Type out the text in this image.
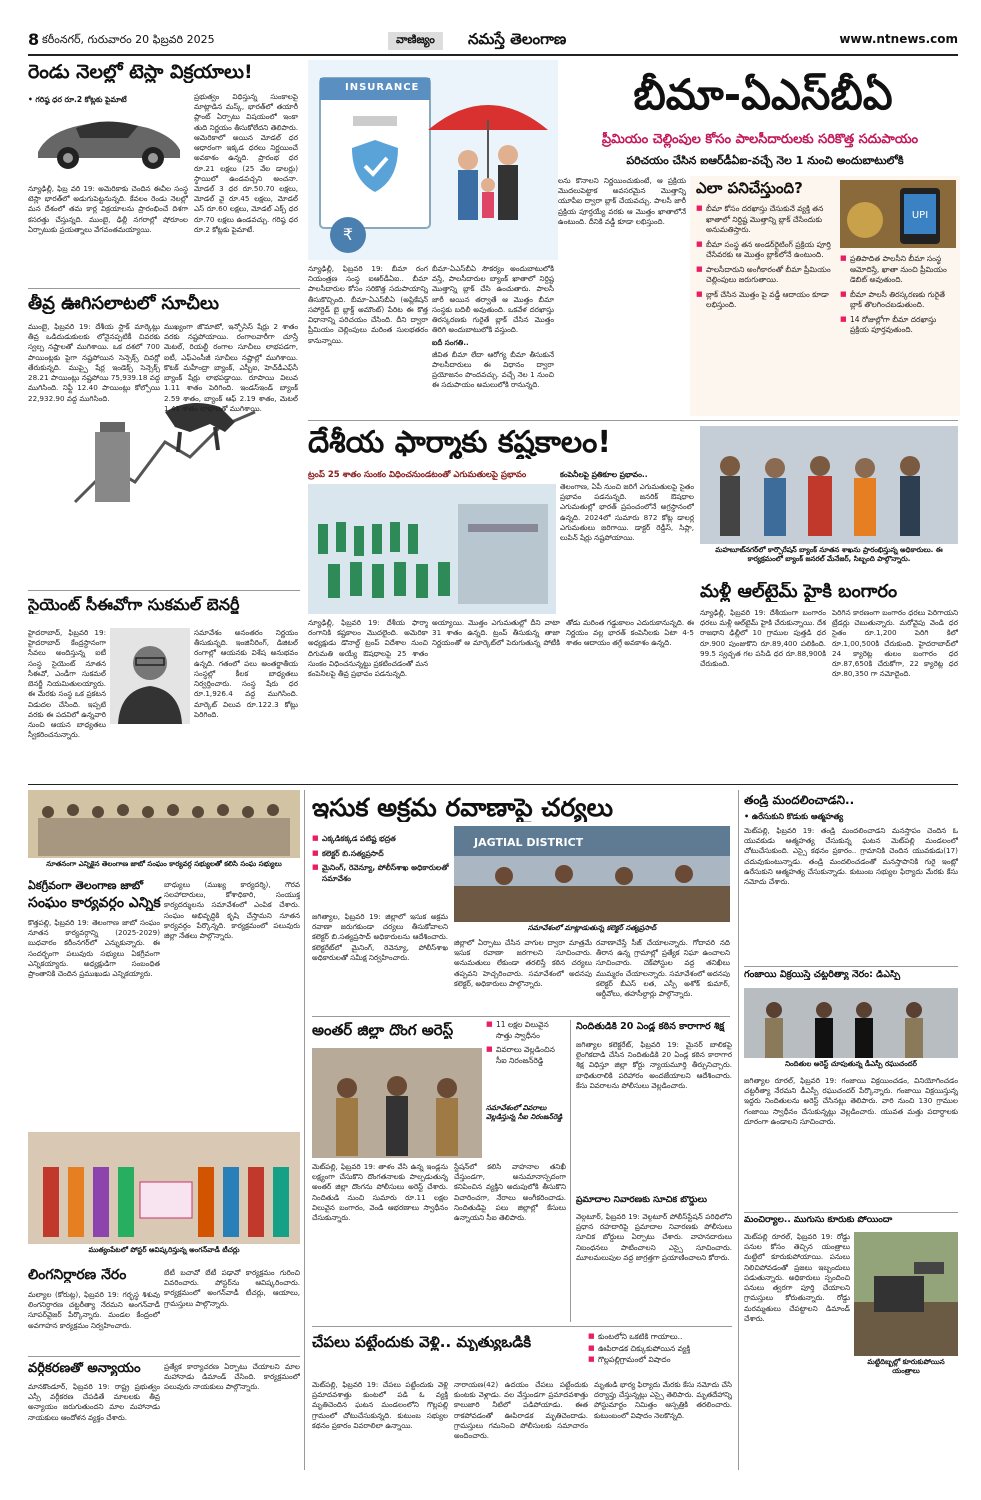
8 కరీంనగర్, గురువారం 20 ఫిబ్రవరి 2025	వాణిజ్యం	నమస్తే తెలంగాణ	www.ntnews.com
రెండు నెలల్లో టెస్లా విక్రయాలు!
• గరిష్ఠ ధర రూ.2 కోట్లకు పైమాటే
న్యూఢిల్లీ, ఫిబ్ర వరి 19: అమెరికాకు చెందిన ఈవీల సంస్థ టెస్లా భారత్‌లో అడుగుపెట్టనున్నది. కేవలం రెండు నెలల్లో మన దేశంలో తమ కార్ల విక్రయాలను ప్రారంభించే దిశగా కసరత్తు చేస్తున్నది. ముంబై, ఢిల్లీ నగరాల్లో షోరూంల ఏర్పాటుకు ప్రయత్నాలు వేగవంతమయ్యాయి.
ప్రభుత్వం విధిస్తున్న సుంకాలపై మాట్లాడిన మస్క్, భారత్‌లో తయారీ ప్లాంట్ ఏర్పాటు విషయంలో ఇంకా తుది నిర్ణయం తీసుకోలేదని తెలిపారు. ఆమెరికాలో అయిన మోడల్ ధర ఆధారంగా ఇక్కడ ధరలు నిర్ణయించే అవకాశం ఉన్నది. ప్రారంభ ధర రూ.21 లక్షలు (25 వేల డాలర్లు) స్థాయిలో ఉండవచ్చని అంచనా. మోడల్ 3 ధర రూ.50.70 లక్షలు, మోడల్ వై రూ.45 లక్షలు, మోడల్ ఎస్ రూ.60 లక్షలు, మోడల్ ఎక్స్ ధర రూ.70 లక్షలు ఉండవచ్చు. గరిష్ఠ ధర రూ.2 కోట్లకు పైమాటే.
తీవ్ర ఊగిసలాటలో సూచీలు
ముంబై, ఫిబ్రవరి 19: దేశీయ స్టాక్ మార్కెట్లు తీవ్ర ఒడిదుడుకులకు లోనైనప్పటికీ చివరకు స్వల్ప నష్టాలతో ముగిశాయి. ఒక దశలో 700 పాయింట్లకు పైగా నష్టపోయిన సెన్సెక్స్ చివర్లో తేరుకున్నది. ముప్పై షేర్ల ఇండెక్స్ సెన్సెక్స్ 28.21 పాయింట్లు నష్టపోయి 75,939.18 వద్ద ముగిసింది. నిఫ్టీ 12.40 పాయింట్లు కోల్పోయి 22,932.90 వద్ద ముగిసింది.
ముఖ్యంగా జొమాటో, ఇన్ఫోసిస్ షేర్లు 2 శాతం వరకు నష్టపోయాయి. రంగాలవారీగా చూస్తే మెటల్, రియల్టీ రంగాల సూచీలు లాభపడగా, ఐటీ, ఎఫ్‌ఎంసీజీ సూచీలు నష్టాల్లో ముగిశాయి. కొటక్ మహీంద్రా బ్యాంక్, ఎస్బీఐ, హెచ్‌డీఎఫ్‌సీ బ్యాంక్ షేర్లు లాభపడ్డాయి. రూపాయి విలువ 1.11 శాతం పెరిగింది. ఇండస్ఇండ్ బ్యాంక్ 2.59 శాతం, బ్యాంక్ ఆఫ్ 2.19 శాతం, మెటల్ 1.41 శాతం లాభాలతో ముగిశాయి.
సైయెంట్ సీఈవోగా సుకమల్ బెనర్జీ
హైదరాబాద్, ఫిబ్రవరి 19: హైదరాబాద్ కేంద్రస్థానంగా సేవలు అందిస్తున్న ఐటీ సంస్థ సైయెంట్ నూతన సీఈవో, ఎండీగా సుకమల్ బెనర్జీ నియమితులయ్యారు. ఈ మేరకు సంస్థ ఒక ప్రకటన విడుదల చేసింది. ఇప్పటి వరకు ఈ పదవిలో ఉన్నవారి నుంచి ఆయన బాధ్యతలు స్వీకరించనున్నారు.
సమావేశం అనంతరం నిర్ణయం తీసుకున్నది. ఇంజినీరింగ్, డిజిటల్ రంగాల్లో ఆయనకు విశేష అనుభవం ఉన్నది. గతంలో పలు అంతర్జాతీయ సంస్థల్లో కీలక బాధ్యతలు నిర్వర్తించారు. సంస్థ షేరు ధర రూ.1,926.4 వద్ద ముగిసింది. మార్కెట్ విలువ రూ.122.3 కోట్లు పెరిగింది.
₹
INSURANCE	బీమా-ఏఎస్‌బీఏ
ప్రీమియం చెల్లింపుల కోసం పాలసీదారులకు సరికొత్త సదుపాయం
పరిచయం చేసిన ఐఆర్‌డీఏఐ-వచ్చే నెల 1 నుంచి అందుబాటులోకి
న్యూఢిల్లీ, ఫిబ్రవరి 19: బీమా రంగ నియంత్రణ సంస్థ ఐఆర్‌డీఏఐ.. బీమా పాలసీదారుల కోసం సరికొత్త సదుపాయాన్ని తీసుకొచ్చింది. బీమా-ఏఎస్‌బీఏ (అప్లికేషన్ సపోర్టెడ్ బై బ్లాక్డ్ అమౌంట్) పేరిట ఈ కొత్త విధానాన్ని పరిచయం చేసింది. దీని ద్వారా ప్రీమియం చెల్లింపులు మరింత సులభతరం కానున్నాయి.

బీమా-ఏఎస్‌బీఏ సౌకర్యం అందుబాటులోకి వస్తే, పాలసీదారుల బ్యాంక్ ఖాతాలో నిర్దిష్ట మొత్తాన్ని బ్లాక్ చేసి ఉంచుతారు. పాలసీ జారీ అయిన తర్వాతే ఆ మొత్తం బీమా సంస్థకు బదిలీ అవుతుంది. ఒకవేళ దరఖాస్తు తిరస్కరణకు గురైతే బ్లాక్ చేసిన మొత్తం తిరిగి అందుబాటులోకి వస్తుంది.

ఐదీ సంగతి..

జీవిత బీమా లేదా ఆరోగ్య బీమా తీసుకునే పాలసీదారులు ఈ విధానం ద్వారా ప్రయోజనం పొందవచ్చు. వచ్చే నెల 1 నుంచి ఈ సదుపాయం అమలులోకి రానున్నది.

లను కొనాలని నిర్ణయించుకుంటే, ఆ ప్రక్రియ మొదలుపెట్టాక అవసరమైన మొత్తాన్ని యూపీఐ ద్వారా బ్లాక్ చేయవచ్చు. పాలసీ జారీ ప్రక్రియ పూర్తయ్యే వరకు ఆ మొత్తం ఖాతాలోనే ఉంటుంది. దీనికి వడ్డీ కూడా లభిస్తుంది.
ఎలా పనిచేస్తుంది?
UPI
■ బీమా కోసం దరఖాస్తు చేసుకునే వ్యక్తి తన ఖాతాలో నిర్దిష్ట మొత్తాన్ని బ్లాక్ చేసేందుకు అనుమతిస్తారు.
■ బీమా సంస్థ తన అండర్‌రైటింగ్ ప్రక్రియ పూర్తి చేసేవరకు ఆ మొత్తం బ్లాక్‌లోనే ఉంటుంది.
■ పాలసీదారుని అంగీకారంతో బీమా ప్రీమియం చెల్లింపులు జరుగుతాయి.
■ బ్లాక్ చేసిన మొత్తం పై వడ్డీ ఆదాయం కూడా లభిస్తుంది.
■ ప్రతిపాదిత పాలసీని బీమా సంస్థ ఆమోదిస్తే, ఖాతా నుంచి ప్రీమియం డెబిట్ అవుతుంది.
■ బీమా పాలసీ తిరస్కరణకు గురైతే బ్లాక్ తొలగించబడుతుంది.
■ 14 రోజుల్లోగా బీమా దరఖాస్తు ప్రక్రియ పూర్తవుతుంది.
దేశీయ ఫార్మాకు కష్టకాలం!
ట్రంప్ 25 శాతం సుంకం విధించనుండటంతో ఎగుమతులపై ప్రభావం	కంపెనీలపై ప్రతికూల ప్రభావం..
తెలంగాణ, ఏపీ నుంచి జరిగే ఎగుమతులపై సైతం ప్రభావం పడనున్నది. జనరిక్ ఔషధాల ఎగుమతుల్లో భారత్ ప్రపంచంలోనే అగ్రస్థానంలో ఉన్నది. 2024లో సుమారు 872 కోట్ల డాలర్ల ఎగుమతులు జరిగాయి. డాక్టర్ రెడ్డీస్, సిప్లా, లుపిన్ షేర్లు నష్టపోయాయి.
న్యూఢిల్లీ, ఫిబ్రవరి 19: దేశీయ ఫార్మా రంగానికి కష్టకాలం మొదలైంది. అమెరికా అధ్యక్షుడు డొనాల్డ్ ట్రంప్ విదేశాల నుంచి దిగుమతి అయ్యే ఔషధాలపై 25 శాతం సుంకం విధించనున్నట్టు ప్రకటించడంతో మన కంపెనీలపై తీవ్ర ప్రభావం పడనున్నది.
అయ్యాయి. మొత్తం ఎగుమతుల్లో దీని వాటా 31 శాతం ఉన్నది. ట్రంప్ తీసుకున్న తాజా నిర్ణయంతో ఆ మార్కెట్‌లో పెరుగుతున్న పోటీకి తోడు మరింత గడ్డుకాలం ఎదురుకానున్నది. ఈ నిర్ణయం వల్ల భారత్ కంపెనీలకు ఏటా 4-5 శాతం ఆదాయం తగ్గే అవకాశం ఉన్నది.
మహబూబ్‌నగర్‌లో కార్పొరేషన్ బ్యాంక్ నూతన శాఖను ప్రారంభిస్తున్న అధికారులు. ఈ కార్యక్రమంలో బ్యాంక్ జనరల్ మేనేజర్, సిబ్బంది పాల్గొన్నారు.
మళ్లీ ఆల్‌టైమ్ హైకి బంగారం
న్యూఢిల్లీ, ఫిబ్రవరి 19: దేశీయంగా బంగారం ధరలు మళ్లీ ఆల్‌టైమ్ హైకి చేరుకున్నాయి. దేశ రాజధాని ఢిల్లీలో 10 గ్రాముల పుత్తడి ధర రూ.900 పుంజుకొని రూ.89,400 పలికింది. 99.5 స్వచ్ఛత గల పసిడి ధర రూ.88,900కి చేరుకుంది.
పెరిగిన కారణంగా బంగారం ధరలు పెరిగాయని ట్రేడర్లు చెబుతున్నారు. మరోవైపు వెండి ధర సైతం రూ.1,200 పెరిగి కిలో రూ.1,00,500కి చేరుకుంది. హైదరాబాద్‌లో 24 క్యారెట్ల తులం బంగారం ధర రూ.87,650కి చేరుకోగా, 22 క్యారెట్ల ధర రూ.80,350 గా నమోదైంది.
నూతనంగా ఎన్నికైన తెలంగాణ జాబో సంఘం కార్యవర్గ సభ్యులతో కలిసి సంఘ సభ్యులు
ఏకగ్రీవంగా తెలంగాణ జాబో
సంఘం కార్యవర్గం ఎన్నిక
కొత్తపల్లి, ఫిబ్రవరి 19: తెలంగాణ జాబో సంఘం నూతన కార్యవర్గాన్ని (2025-2029) బుధవారం కరీంనగర్‌లో ఎన్నుకున్నారు. ఈ సందర్భంగా పలువురు సభ్యులు ఏకగ్రీవంగా ఎన్నికయ్యారు. అధ్యక్షుడిగా సంబంధిత ప్రాంతానికి చెందిన ప్రముఖుడు ఎన్నికయ్యారు.
బాధ్యులు (ముఖ్య కార్యదర్శి), గౌరవ సలహాదారులు, కోశాధికారి, సంయుక్త కార్యదర్శులను సమావేశంలో ఎంపిక చేశారు. సంఘం అభివృద్ధికి కృషి చేస్తామని నూతన కార్యవర్గం పేర్కొన్నది. కార్యక్రమంలో పలువురు జిల్లా నేతలు పాల్గొన్నారు.
ముత్యంపేటలో పోస్టర్ ఆవిష్కరిస్తున్న అంగన్‌వాడీ టీచర్లు
లింగనిర్ధారణ నేరం
మల్యాల (కోరుట్ల), ఫిబ్రవరి 19: గర్భస్థ శిశువు లింగనిర్ధారణ చట్టరీత్యా నేరమని అంగన్‌వాడీ సూపర్‌వైజర్ పేర్కొన్నారు. మండల కేంద్రంలో అవగాహన కార్యక్రమం నిర్వహించారు.
బేటీ బచావో బేటీ పఢావో కార్యక్రమం గురించి వివరించారు. పోస్టర్‌ను ఆవిష్కరించారు. కార్యక్రమంలో అంగన్‌వాడీ టీచర్లు, ఆయాలు, గ్రామస్తులు పాల్గొన్నారు.
వర్గీకరణతో అన్యాయం
మానకొండూర్, ఫిబ్రవరి 19: రాష్ట్ర ప్రభుత్వం ఎస్సీ వర్గీకరణ చేపడితే మాలలకు తీవ్ర అన్యాయం జరుగుతుందని మాల మహానాడు నాయకులు ఆందోళన వ్యక్తం చేశారు.
ప్రత్యేక కార్యాచరణ ఏర్పాటు చేయాలని మాల మహానాడు డిమాండ్ చేసింది. కార్యక్రమంలో పలువురు నాయకులు పాల్గొన్నారు.
ఇసుక అక్రమ రవాణాపై చర్యలు
■ ఎక్కడికక్కడ పటిష్ట భద్రత
■ కలెక్టర్ బి.సత్యప్రసాద్
■ మైనింగ్, రెవెన్యూ, పోలీస్‌శాఖ అధికారులతో సమావేశం
JAGTIAL DISTRICT
సమావేశంలో మాట్లాడుతున్న కలెక్టర్ సత్యప్రసాద్
జగిత్యాల, ఫిబ్రవరి 19: జిల్లాలో ఇసుక అక్రమ రవాణా జరుగకుండా చర్యలు తీసుకోవాలని కలెక్టర్ బి.సత్యప్రసాద్ అధికారులను ఆదేశించారు. కలెక్టరేట్‌లో మైనింగ్, రెవెన్యూ, పోలీస్‌శాఖ అధికారులతో సమీక్ష నిర్వహించారు.
జిల్లాలో ఏర్పాటు చేసిన వాగుల ద్వారా మాత్రమే ఇసుక రవాణా జరగాలని సూచించారు. అనుమతులు లేకుండా తరలిస్తే కఠిన చర్యలు తప్పవని హెచ్చరించారు. సమావేశంలో అదనపు కలెక్టర్, అధికారులు పాల్గొన్నారు.
రవాణాచేస్తే సీజ్ చేయాలన్నారు. గోదావరి నది తీరాన ఉన్న గ్రామాల్లో ప్రత్యేక నిఘా ఉంచాలని సూచించారు. చెక్‌పోస్టుల వద్ద తనిఖీలు ముమ్మరం చేయాలన్నారు. సమావేశంలో అదనపు కలెక్టర్ బీఎస్ లత, ఎస్పీ అశోక్ కుమార్, ఆర్డీవోలు, తహసీల్దార్లు పాల్గొన్నారు.
అంతర్ జిల్లా దొంగ అరెస్ట్	■ 11 లక్షల విలువైన సొత్తు స్వాధీనం
■ వివరాలు వెల్లడించిన సీఐ నిరంజన్‌రెడ్డి
సమావేశంలో వివరాలు వెల్లడిస్తున్న సీఐ నిరంజన్‌రెడ్డి
మెట్‌పల్లి, ఫిబ్రవరి 19: తాళం వేసి ఉన్న ఇండ్లను లక్ష్యంగా చేసుకొని దొంగతనాలకు పాల్పడుతున్న అంతర్ జిల్లా దొంగను పోలీసులు అరెస్ట్ చేశారు. నిందితుడి నుంచి సుమారు రూ.11 లక్షల విలువైన బంగారం, వెండి ఆభరణాలు స్వాధీనం చేసుకున్నారు.
స్టేషన్‌లో కలిసి వాహనాల తనిఖీ చేస్తుండగా, అనుమానాస్పదంగా కనిపించిన వ్యక్తిని అదుపులోకి తీసుకొని విచారించగా, నేరాలు అంగీకరించాడు. నిందితుడిపై పలు జిల్లాల్లో కేసులు ఉన్నాయని సీఐ తెలిపారు.
నిందితుడికి 20 ఏండ్ల కఠిన కారాగార శిక్ష
జగిత్యాల కలెక్టరేట్, ఫిబ్రవరి 19: మైనర్ బాలికపై లైంగికదాడి చేసిన నిందితుడికి 20 ఏండ్ల కఠిన కారాగార శిక్ష విధిస్తూ జిల్లా కోర్టు న్యాయమూర్తి తీర్పునిచ్చారు. బాధితురాలికి పరిహారం అందజేయాలని ఆదేశించారు. కేసు వివరాలను పోలీసులు వెల్లడించారు.
ప్రమాదాల నివారణకు సూచిక బోర్డులు
వెల్గటూర్, ఫిబ్రవరి 19: వెల్గటూర్ పోలీస్‌స్టేషన్ పరిధిలోని ప్రధాన రహదారిపై ప్రమాదాల నివారణకు పోలీసులు సూచిక బోర్డులు ఏర్పాటు చేశారు. వాహనదారులు నిబంధనలు పాటించాలని ఎస్సై సూచించారు. మూలమలుపుల వద్ద జాగ్రత్తగా ప్రయాణించాలని కోరారు.
చేపలు పట్టేందుకు వెళ్లి.. మృత్యుఒడికి	■ కుంటలోని ఒకటికి గాయాలు..
■ ఊపిరాడక చిక్కుకుపోయిన వ్యక్తి
■ గొల్లపల్లిగ్రామంలో విషాదం
మెట్‌పల్లి, ఫిబ్రవరి 19: చేపలు పట్టేందుకు వెళ్లి ప్రమాదవశాత్తు కుంటలో పడి ఓ వ్యక్తి మృతిచెందిన ఘటన మండలంలోని గొల్లపల్లి గ్రామంలో చోటుచేసుకున్నది. కుటుంబ సభ్యుల కథనం ప్రకారం వివరాలిలా ఉన్నాయి.
నారాయణ(42) ఉదయం చేపలు పట్టేందుకు కుంటకు వెళ్లాడు. వల వేస్తుండగా ప్రమాదవశాత్తు కాలుజారి నీటిలో పడిపోయాడు. ఈత రాకపోవడంతో ఊపిరాడక మృతిచెందాడు. గ్రామస్తులు గమనించి పోలీసులకు సమాచారం అందించారు.
మృతుడి భార్య ఫిర్యాదు మేరకు కేసు నమోదు చేసి దర్యాప్తు చేస్తున్నట్లు ఎస్సై తెలిపారు. మృతదేహాన్ని పోస్టుమార్టం నిమిత్తం ఆస్పత్రికి తరలించారు. కుటుంబంలో విషాదం నెలకొన్నది.
తండ్రి మందలించాడని..
• ఉరేసుకుని కొడుకు ఆత్మహత్య
మెట్‌పల్లి, ఫిబ్రవరి 19: తండ్రి మందలించాడని మనస్తాపం చెందిన ఓ యువకుడు ఆత్మహత్య చేసుకున్న ఘటన మెట్‌పల్లి మండలంలో చోటుచేసుకుంది. ఎస్సై కథనం ప్రకారం.. గ్రామానికి చెందిన యువకుడు(17) చదువుకుంటున్నాడు. తండ్రి మందలించడంతో మనస్తాపానికి గురై ఇంట్లో ఉరేసుకుని ఆత్మహత్య చేసుకున్నాడు. కుటుంబ సభ్యుల ఫిర్యాదు మేరకు కేసు నమోదు చేశారు.
గంజాయి విక్రయిస్తే చట్టరీత్యా నేరం: డీఎస్పీ
నిందితుల అరెస్ట్ చూపుతున్న డీఎస్పీ రఘుచందర్
జగిత్యాల రూరల్, ఫిబ్రవరి 19: గంజాయి విక్రయించడం, వినియోగించడం చట్టరీత్యా నేరమని డీఎస్పీ రఘుచందర్ పేర్కొన్నారు. గంజాయి విక్రయిస్తున్న ఇద్దరు నిందితులను అరెస్ట్ చేసినట్లు తెలిపారు. వారి నుంచి 130 గ్రాముల గంజాయి స్వాధీనం చేసుకున్నట్లు వెల్లడించారు. యువత మత్తు పదార్థాలకు దూరంగా ఉండాలని సూచించారు.
మంచిర్యాల.. ముగుసు కూరుకు పోయిందా
మెట్‌పల్లి రూరల్, ఫిబ్రవరి 19: రోడ్డు పనుల కోసం తెచ్చిన యంత్రాలు మట్టిలో కూరుకుపోయాయి. పనులు నిలిచిపోవడంతో ప్రజలు ఇబ్బందులు పడుతున్నారు. అధికారులు స్పందించి పనులు త్వరగా పూర్తి చేయాలని గ్రామస్తులు కోరుతున్నారు. రోడ్డు మరమ్మతులు చేపట్టాలని డిమాండ్ చేశారు.
మట్టిదిబ్బల్లో కూరుకుపోయిన యంత్రాలు
